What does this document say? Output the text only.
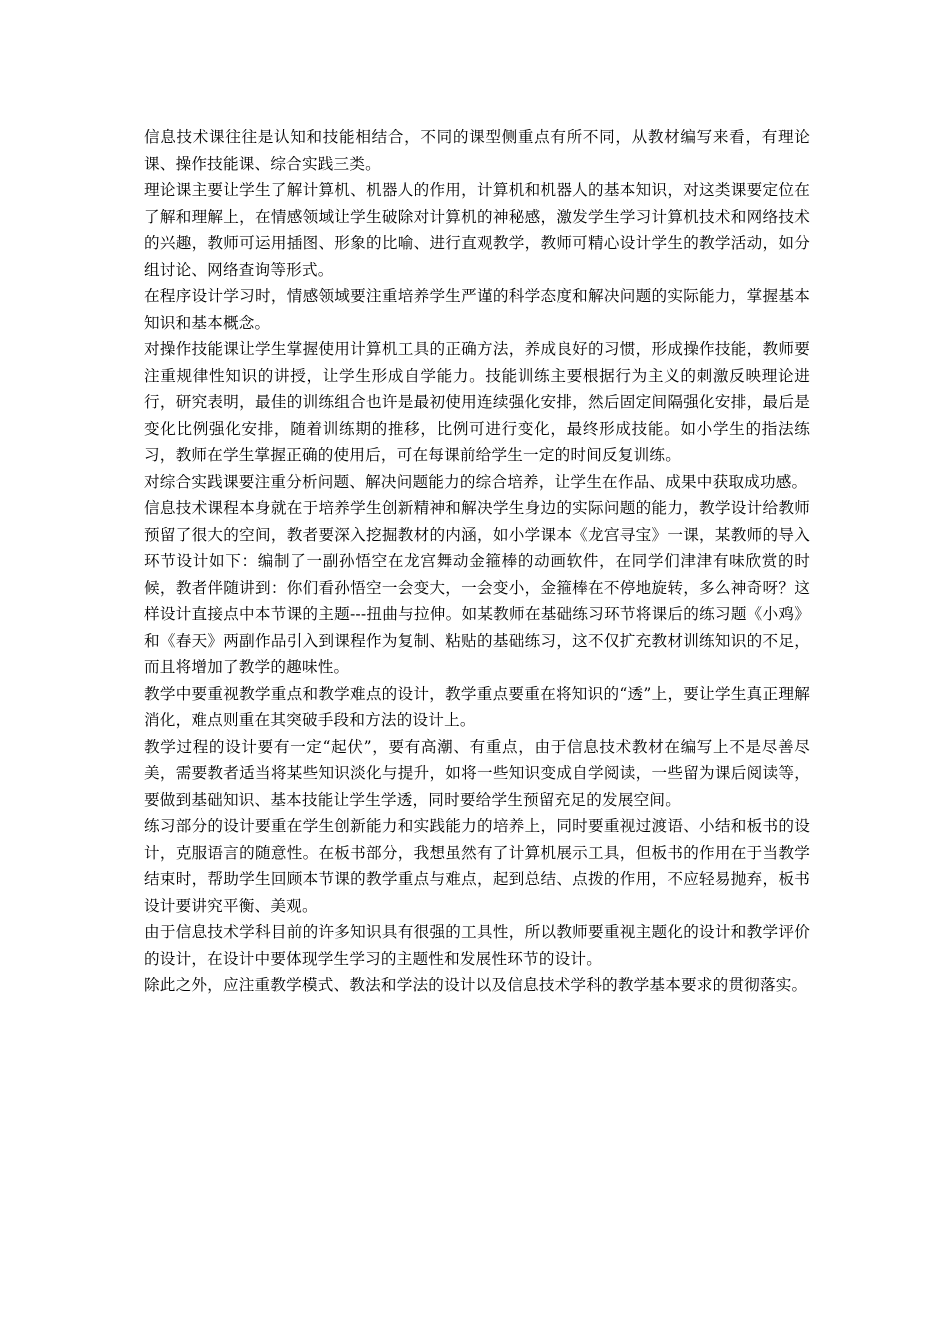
信息技术课往往是认知和技能相结合，不同的课型侧重点有所不同，从教材编写来看，有理论课、操作技能课、综合实践三类。

理论课主要让学生了解计算机、机器人的作用，计算机和机器人的基本知识，对这类课要定位在了解和理解上，在情感领域让学生破除对计算机的神秘感，激发学生学习计算机技术和网络技术的兴趣，教师可运用插图、形象的比喻、进行直观教学，教师可精心设计学生的教学活动，如分组讨论、网络查询等形式。

在程序设计学习时，情感领域要注重培养学生严谨的科学态度和解决问题的实际能力，掌握基本知识和基本概念。

对操作技能课让学生掌握使用计算机工具的正确方法，养成良好的习惯，形成操作技能，教师要注重规律性知识的讲授，让学生形成自学能力。技能训练主要根据行为主义的刺激反映理论进行，研究表明，最佳的训练组合也许是最初使用连续强化安排，然后固定间隔强化安排，最后是变化比例强化安排，随着训练期的推移，比例可进行变化，最终形成技能。如小学生的指法练习，教师在学生掌握正确的使用后，可在每课前给学生一定的时间反复训练。

对综合实践课要注重分析问题、解决问题能力的综合培养，让学生在作品、成果中获取成功感。

信息技术课程本身就在于培养学生创新精神和解决学生身边的实际问题的能力，教学设计给教师预留了很大的空间，教者要深入挖掘教材的内涵，如小学课本《龙宫寻宝》一课，某教师的导入环节设计如下：编制了一副孙悟空在龙宫舞动金箍棒的动画软件，在同学们津津有味欣赏的时候，教者伴随讲到：你们看孙悟空一会变大，一会变小，金箍棒在不停地旋转，多么神奇呀？这样设计直接点中本节课的主题---扭曲与拉伸。如某教师在基础练习环节将课后的练习题《小鸡》和《春天》两副作品引入到课程作为复制、粘贴的基础练习，这不仅扩充教材训练知识的不足，而且将增加了教学的趣味性。

教学中要重视教学重点和教学难点的设计，教学重点要重在将知识的“透”上，要让学生真正理解消化，难点则重在其突破手段和方法的设计上。

教学过程的设计要有一定“起伏”，要有高潮、有重点，由于信息技术教材在编写上不是尽善尽美，需要教者适当将某些知识淡化与提升，如将一些知识变成自学阅读，一些留为课后阅读等，要做到基础知识、基本技能让学生学透，同时要给学生预留充足的发展空间。

练习部分的设计要重在学生创新能力和实践能力的培养上，同时要重视过渡语、小结和板书的设计，克服语言的随意性。在板书部分，我想虽然有了计算机展示工具，但板书的作用在于当教学结束时，帮助学生回顾本节课的教学重点与难点，起到总结、点拨的作用，不应轻易抛弃，板书设计要讲究平衡、美观。

由于信息技术学科目前的许多知识具有很强的工具性，所以教师要重视主题化的设计和教学评价的设计，在设计中要体现学生学习的主题性和发展性环节的设计。

除此之外，应注重教学模式、教法和学法的设计以及信息技术学科的教学基本要求的贯彻落实。
